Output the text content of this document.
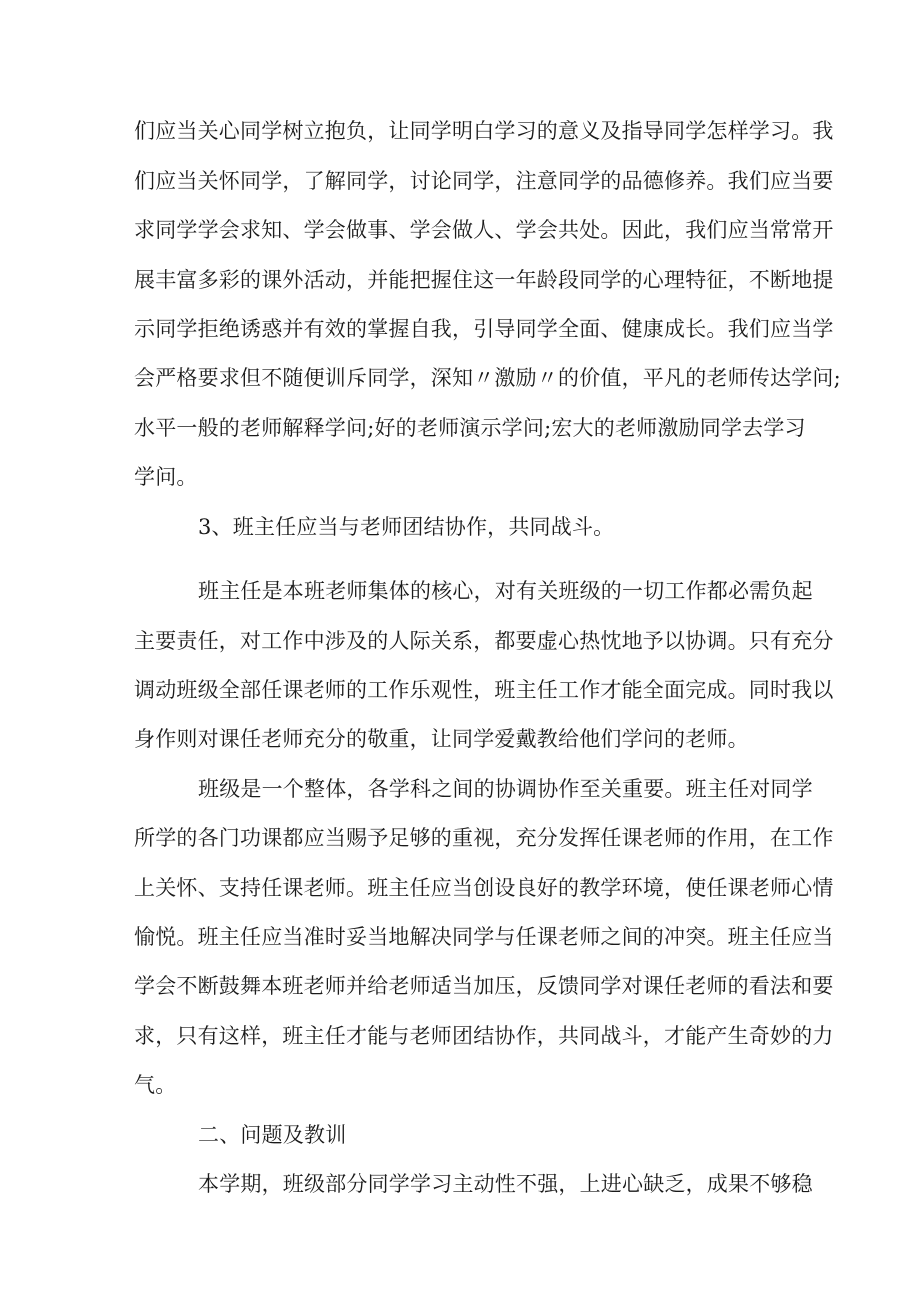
们应当关心同学树立抱负，让同学明白学习的意义及指导同学怎样学习。我
们应当关怀同学，了解同学，讨论同学，注意同学的品德修养。我们应当要
求同学学会求知、学会做事、学会做人、学会共处。因此，我们应当常常开
展丰富多彩的课外活动，并能把握住这一年龄段同学的心理特征，不断地提
示同学拒绝诱惑并有效的掌握自我，引导同学全面、健康成长。我们应当学
会严格要求但不随便训斥同学，深知〃激励〃的价值，平凡的老师传达学问;
水平一般的老师解释学问;好的老师演示学问;宏大的老师激励同学去学习
学问。
3、班主任应当与老师团结协作，共同战斗。
班主任是本班老师集体的核心，对有关班级的一切工作都必需负起
主要责任，对工作中涉及的人际关系，都要虚心热忱地予以协调。只有充分
调动班级全部任课老师的工作乐观性，班主任工作才能全面完成。同时我以
身作则对课任老师充分的敬重，让同学爱戴教给他们学问的老师。
班级是一个整体，各学科之间的协调协作至关重要。班主任对同学
所学的各门功课都应当赐予足够的重视，充分发挥任课老师的作用，在工作
上关怀、支持任课老师。班主任应当创设良好的教学环境，使任课老师心情
愉悦。班主任应当准时妥当地解决同学与任课老师之间的冲突。班主任应当
学会不断鼓舞本班老师并给老师适当加压，反馈同学对课任老师的看法和要
求，只有这样，班主任才能与老师团结协作，共同战斗，才能产生奇妙的力
气。
二、问题及教训
本学期，班级部分同学学习主动性不强，上进心缺乏，成果不够稳
